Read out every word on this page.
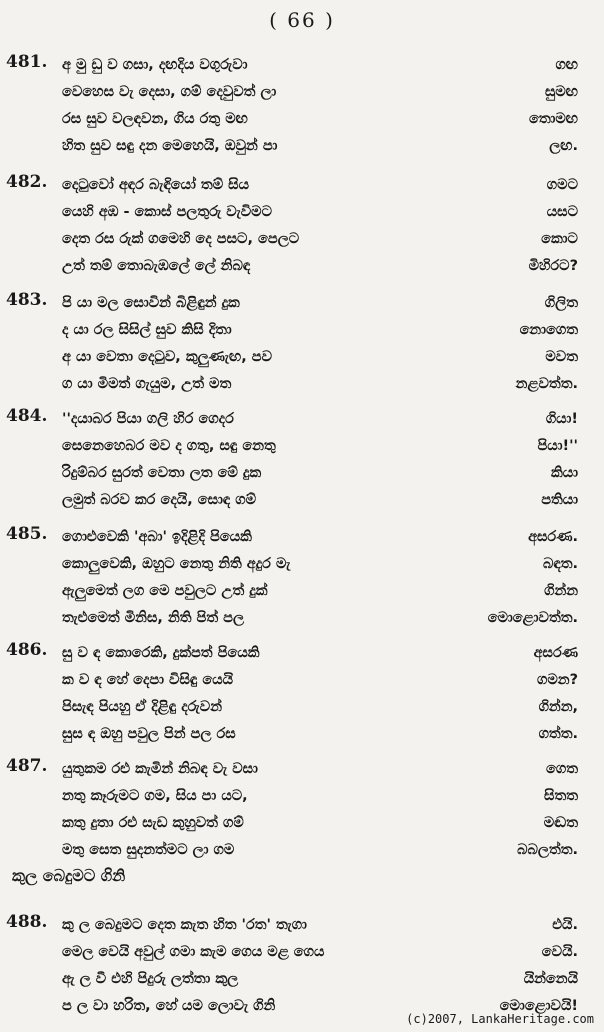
( 66 )
481. අ මු ඩු ව ගසා, දඟදිය වගුරුවා	ගඟ
වෙහෙස වැ දෙසා, ගම් දෙවුවත් ලා	සුමඟ
රස සුව වලඳවන, ගිය රතු මඟ	තොමඟ
හිත සුව සඳු දන මෙහෙයි, ඔවුන් පා	ලඟ.
482. දෙටුවෝ අඳර බැඳියෝ තම් සිය	ගමට
යෙහි අඹ - කොස් පලතුරු වැවිමට	යසට
දෙත රස රුක් ගමෙහි දෙ පසට, පෙලට	කොට
උත් තම් තොබැඹලේ ලේ නිබඳ	මිහිරට?
483. පි යා මල සොවින් බිළිඳුන් දුක	ගිලිත
ද යා රල සිසිල් සුව කිසි දිතා	නොගෙත
අ යා වෙතා දෙටුව, කුලුණැඟ, පව	මවත
ග යා මිමත් ගැයුම, උත් මත	නළවත්ත.
484. ''දයාබර පියා ගලි හිර ගෙදර	ගියා!
සෙනෙහෙබර මව ද ගතු, සඳු නෙතු	පියා!''
රිදුම්බර සුරත් වෙතා ලත මේ දුක	කියා
ලමුත් බරව කර දෙයි, සොඳ ගම්	පතියා
485. ගොළුවෙකි 'අබා' ඉදිළිදි පියෙකි	අසරණ.
කොලුවෙකි, ඔහුට නෙතු නිති අදුර මැ	බඳත.
ඇලුමෙත් ලග මෙ පවුලට උත් දුක්	ගින්න
තැළුමෙත් මිනිස, නිති පිත් පල	මොළොවත්ත.
486. සු ව ඳ කොරෙකි, දුක්පත් පියෙකි	අසරණ
ක ව ඳ හේ දෙපා විසිඳු යෙයි	ගමන?
පිසැඳ පියහු ඒ දිළිඳු දරුවන්	ගින්න,
සුස ඳ ඔහු පවුල පින් පල රස	ගත්ත.
487. යුතුකම රළු කැමින් නිබඳ වැ වසා	ගෙත
නතු කෑරුමට ගම, සිය පා යට,	සිතත
කතු දුතා රළු සැඩ කුහුවත් ගම්	මඬත
මතු සෙත සුදනත්මට ලා ගම	බබලත්ත.
488. කු ල බෙදුමට දෙත කැත හිත 'රත' තැගා	එයි.
මෙල වෙයි අවුල් ගමා කැම ගෙය මළ ගෙය	වෙයි.
ඇ ල වී එහි පිදුරු ලත්තා කුල	යින්නෙයි
ප ල වා හරිත, හේ යම ලොවැ ගිනි	මොළොවයි!
කුල බෙදුමට ගිනි
(c)2007, LankaHeritage.com
